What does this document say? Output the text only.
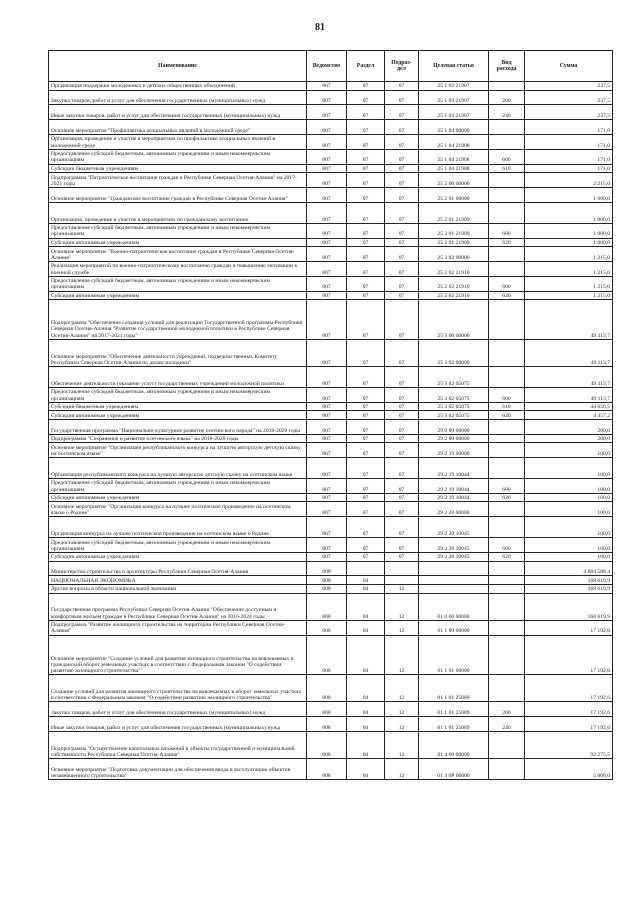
81
Наименование	Ведомство	Раздел	Подраз-дел	Целевая статья	Вид расхода	Сумма
Организация поддержки молодежных и детских общественных объединений	807	07	07	25 1 03 21907		237,5
Закупка товаров, работ и услуг для обеспечения государственных (муниципальных) нужд	807	07	07	25 1 03 21907	200	237,5
Иные закупки товаров, работ и услуг для обеспечения государственных (муниципальных) нужд	807	07	07	25 1 03 21907	240	237,5
Основное мероприятие "Профилактика асоциальных явлений в молодежной среде"	807	07	07	25 1 04 00000		171,0
Организация, проведение и участие в мероприятиях по профилактике асоциальных явлений в молодежной среде	807	07	07	25 1 04 21908		171,0
Предоставление субсидий бюджетным, автономным учреждениям и иным некоммерческим организациям	807	07	07	25 1 04 21908	600	171,0
Субсидии бюджетным учреждениям	807	07	07	25 1 04 21908	610	171,0
Подпрограмма "Патриотическое воспитание граждан в Республике Северная Осетия-Алания" на 2017-2021 годы	807	07	07	25 2 00 00000		2 215,0
Основное мероприятие "Гражданское воспитание граждан в Республике Северная Осетия-Алания"	807	07	07	25 2 01 00000		1 000,0
Организация, проведение и участие в мероприятиях по гражданскому воспитанию	807	07	07	25 2 01 21909		1 000,0
Предоставление субсидий бюджетным, автономным учреждениям и иным некоммерческим организациям	807	07	07	25 2 01 21909	600	1 000,0
Субсидии автономным учреждениям	807	07	07	25 2 01 21909	620	1 000,0
Основное мероприятие "Военно-патриотическое воспитание граждан в Республике Северная Осетия-Алания"	807	07	07	25 2 02 00000		1 215,0
Реализация мероприятий по военно-патриотическому воспитанию граждан и повышению мотивации к военной службе	807	07	07	25 2 02 21910		1 215,0
Предоставление субсидий бюджетным, автономным учреждениям и иным некоммерческим организациям	807	07	07	25 2 02 21910	600	1 215,0
Субсидии автономным учреждениям	807	07	07	25 2 02 21910	620	1 215,0
Подпрограмма "Обеспечение создания условий для реализации Государственной программы Республики Северная Осетия-Алания "Развитие государственной молодежной политики в Республике Северная Осетия-Алания" на 2017-2021 годы"	807	07	07	25 3 00 00000		49 113,7
Основное мероприятие "Обеспечение деятельности учреждений, подведомственных Комитету Республики Северная Осетия-Алания по делам молодежи"	807	07	07	25 3 02 00000		49 113,7
Обеспечение деятельности (оказание услуг) государственных учреждений молодежной политики	807	07	07	25 3 02 05075		49 113,7
Предоставление субсидий бюджетным, автономным учреждениям и иным некоммерческим организациям	807	07	07	25 3 02 05075	600	49 113,7
Субсидии бюджетным учреждениям	807	07	07	25 3 02 05075	610	44 656,5
Субсидии автономным учреждениям	807	07	07	25 3 02 05075	620	4 457,2
Государственная программа "Национально-культурное развитие осетинского народа" на 2018-2020 годы	807	07	07	29 0 00 00000		200,0
Подпрограмма "Сохранение и развитие осетинского языка" на 2018-2020 годы	807	07	07	29 2 00 00000		200,0
Основное мероприятие "Организация республиканского конкурса на лучшую авторскую детскую сказку на осетинском языке"	807	07	07	29 2 19 00000		100,0
Организация республиканского конкурса на лучшую авторскую детскую сказку на осетинском языке	807	07	07	29 2 19 10044		100,0
Предоставление субсидий бюджетным, автономным учреждениям и иным некоммерческим организациям	807	07	07	29 2 19 10044	600	100,0
Субсидии автономным учреждениям	807	07	07	29 2 19 10044	620	100,0
Основное мероприятие "Организация конкурса на лучшее поэтическое произведение на осетинском языке о Родине"	807	07	07	29 2 20 00000		100,0
Организация конкурса на лучшее поэтическое произведение на осетинском языке о Родине	807	07	07	29 2 20 10045		100,0
Предоставление субсидий бюджетным, автономным учреждениям и иным некоммерческим организациям	807	07	07	29 2 20 10045	600	100,0
Субсидии автономным учреждениям	807	07	07	29 2 20 10045	620	100,0
Министерство строительства и архитектуры Республики Северная Осетия-Алания	808					4 884 588,4
НАЦИОНАЛЬНАЯ ЭКОНОМИКА	808	04				168 619,9
Другие вопросы в области национальной экономики	808	04	12			168 619,9
Государственная программа Республики Северная Осетия-Алания "Обеспечение доступным и комфортным жильем граждан в Республике Северная Осетия-Алания" на 2016-2024 годы	808	04	12	01 0 00 00000		168 619,9
Подпрограмма "Развитие жилищного строительства на территории Республики Северная Осетия-Алания"	808	04	12	01 1 00 00000		17 192,6
Основное мероприятие "Создание условий для развития жилищного строительства на вовлекаемых в гражданский оборот земельных участках в соответствии с Федеральным законом "О содействии развитию жилищного строительства""	808	04	12	01 1 01 00000		17 192,6
Создание условий для развития жилищного строительства на вовлекаемых в оборот земельных участках в соответствии с Федеральным законом "О содействии развитию жилищного строительства"	808	04	12	01 1 01 25089		17 192,6
Закупка товаров, работ и услуг для обеспечения государственных (муниципальных) нужд	808	04	12	01 1 01 25089	200	17 192,6
Иные закупки товаров, работ и услуг для обеспечения государственных (муниципальных) нужд	808	04	12	01 1 01 25089	240	17 192,6
Подпрограмма "Осуществление капитальных вложений в объекты государственной и муниципальной собственности Республики Северная Осетия-Алания"	808	04	12	01 4 00 00000		92 275,5
Основное мероприятие "Подготовка документации для обеспечения ввода в эксплуатацию объектов незавершенного строительства"	808	04	12	01 4 0Р 00000		5 000,0
